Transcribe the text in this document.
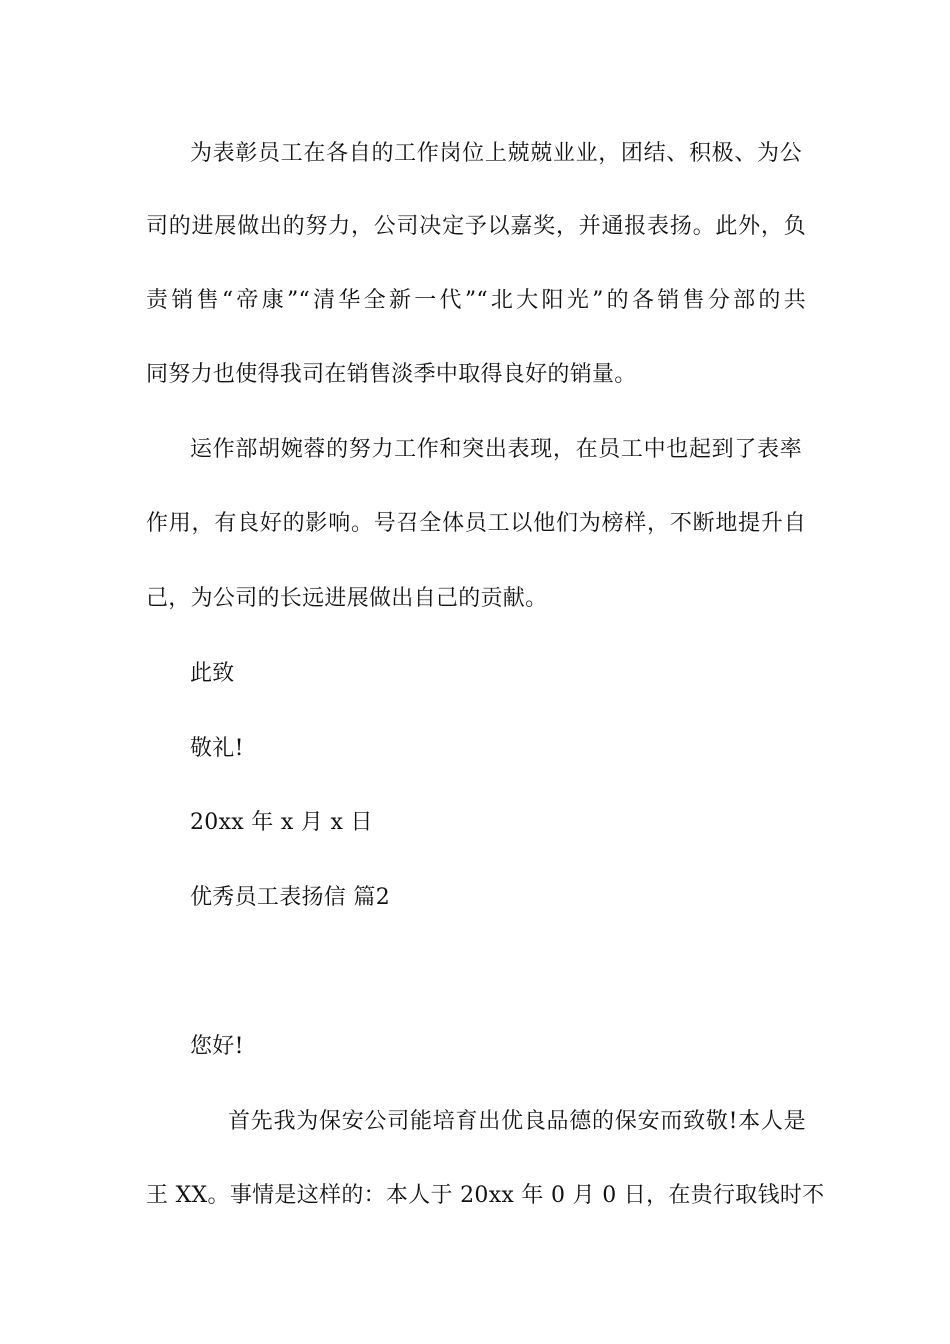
为表彰员工在各自的工作岗位上兢兢业业，团结、积极、为公
司的进展做出的努力，公司决定予以嘉奖，并通报表扬。此外，负
责销售“帝康”“清华全新一代”“北大阳光”的各销售分部的共
同努力也使得我司在销售淡季中取得良好的销量。
运作部胡婉蓉的努力工作和突出表现，在员工中也起到了表率
作用，有良好的影响。号召全体员工以他们为榜样，不断地提升自
己，为公司的长远进展做出自己的贡献。
此致
敬礼!
20xx 年 x 月 x 日
优秀员工表扬信 篇2
您好!
首先我为保安公司能培育出优良品德的保安而致敬!本人是
王 XX。事情是这样的：本人于 20xx 年 0 月 0 日，在贵行取钱时不
